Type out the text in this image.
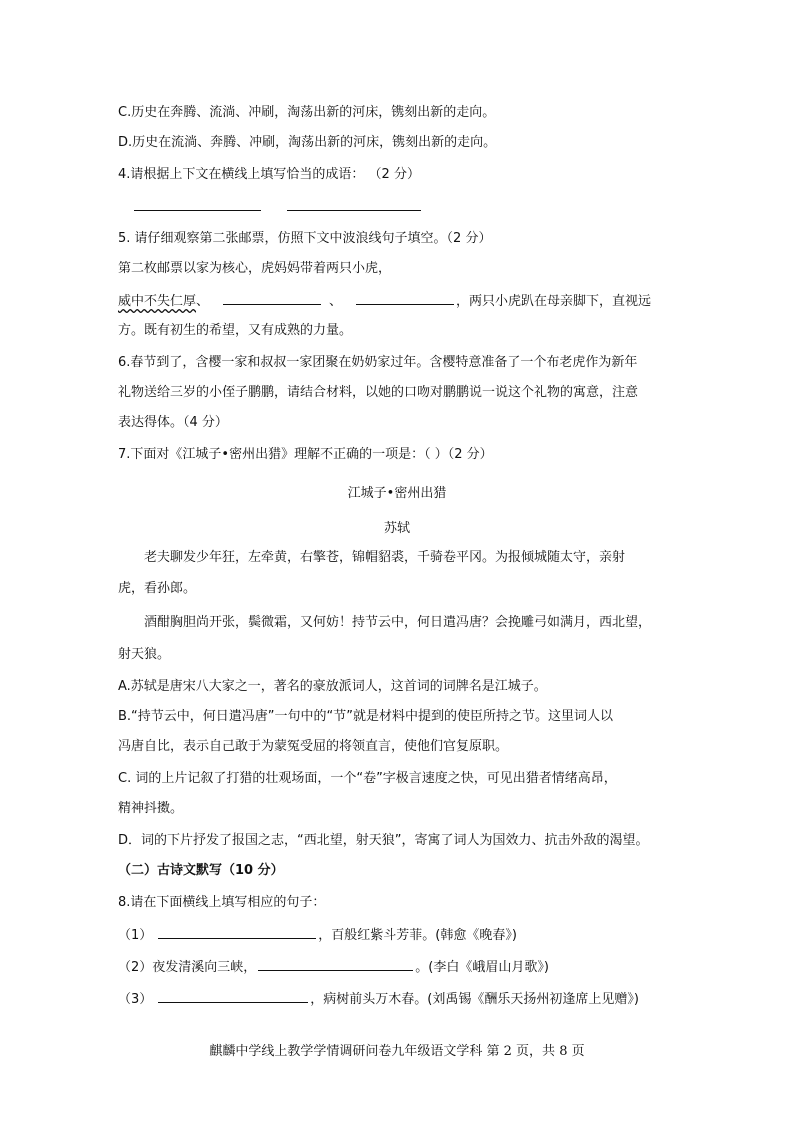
C.历史在奔腾、流淌、冲刷，淘荡出新的河床，镌刻出新的走向。
D.历史在流淌、奔腾、冲刷，淘荡出新的河床，镌刻出新的走向。
4.请根据上下文在横线上填写恰当的成语： （2 分）
5. 请仔细观察第二张邮票，仿照下文中波浪线句子填空。（2 分）
第二枚邮票以家为核心，虎妈妈带着两只小虎，
威中不失仁厚、	、	，两只小虎趴在母亲脚下，直视远
方。既有初生的希望，又有成熟的力量。
6.春节到了，含樱一家和叔叔一家团聚在奶奶家过年。含樱特意准备了一个布老虎作为新年
礼物送给三岁的小侄子鹏鹏，请结合材料，以她的口吻对鹏鹏说一说这个礼物的寓意，注意
表达得体。（4 分）
7.下面对《江城子•密州出猎》理解不正确的一项是：（ ）（2 分）
江城子•密州出猎
苏轼
老夫聊发少年狂，左牵黄，右擎苍，锦帽貂裘，千骑卷平冈。为报倾城随太守，亲射
虎，看孙郎。
酒酣胸胆尚开张，鬓微霜，又何妨！持节云中，何日遣冯唐？会挽雕弓如满月，西北望，
射天狼。
A.苏轼是唐宋八大家之一，著名的豪放派词人，这首词的词牌名是江城子。
B.“持节云中，何日遣冯唐”一句中的“节”就是材料中提到的使臣所持之节。这里词人以
冯唐自比，表示自己敢于为蒙冤受屈的将领直言，使他们官复原职。
C. 词的上片记叙了打猎的壮观场面，一个“卷”字极言速度之快，可见出猎者情绪高昂，
精神抖擞。
D．词的下片抒发了报国之志，“西北望，射天狼”，寄寓了词人为国效力、抗击外敌的渴望。
（二）古诗文默写（10 分）
8.请在下面横线上填写相应的句子：
（1）	，百般红紫斗芳菲。(韩愈《晚春》)
（2）夜发清溪向三峡，	。(李白《峨眉山月歌》)
（3）	，病树前头万木春。(刘禹锡《酬乐天扬州初逢席上见赠》)
麒麟中学线上教学学情调研问卷九年级语文学科 第 2 页，共 8 页
